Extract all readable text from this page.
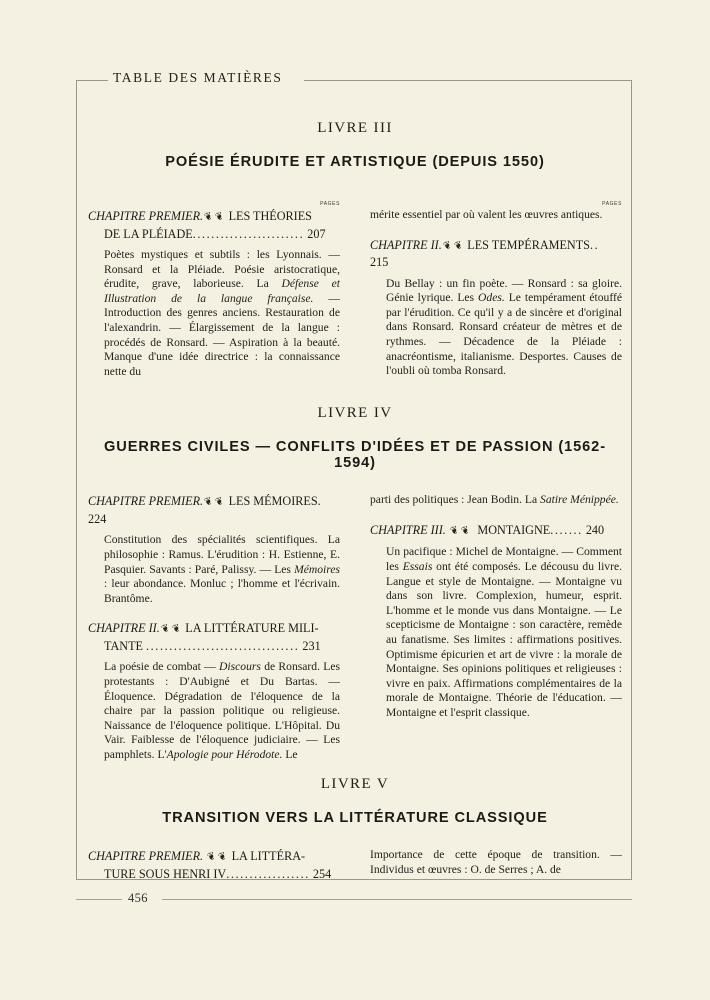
TABLE DES MATIÈRES
LIVRE III
POÉSIE ÉRUDITE ET ARTISTIQUE (DEPUIS 1550)
PAGES
CHAPITRE PREMIER.❦❦ LES THÉORIES
DE LA PLÉIADE........................ 207
Poètes mystiques et subtils : les Lyonnais. — Ronsard et la Pléiade. Poésie aristocratique, érudite, grave, laborieuse. La Défense et Illustration de la langue française. — Introduction des genres anciens. Restauration de l'alexandrin. — Élargissement de la langue : procédés de Ronsard. — Aspiration à la beauté. Manque d'une idée directrice : la connaissance nette du
PAGES
mérite essentiel par où valent les œuvres antiques.
CHAPITRE II.❦❦ LES TEMPÉRAMENTS..  215
Du Bellay : un fin poète. — Ronsard : sa gloire. Génie lyrique. Les Odes. Le tempérament étouffé par l'érudition. Ce qu'il y a de sincère et d'original dans Ronsard. Ronsard créateur de mètres et de rythmes. — Décadence de la Pléiade : anacréontisme, italianisme. Desportes. Causes de l'oubli où tomba Ronsard.
LIVRE IV
GUERRES CIVILES — CONFLITS D'IDÉES ET DE PASSION (1562-1594)
CHAPITRE PREMIER.❦❦ LES MÉMOIRES.  224
Constitution des spécialités scientifiques. La philosophie : Ramus. L'érudition : H. Estienne, E. Pasquier. Savants : Paré, Palissy. — Les Mémoires : leur abondance. Monluc ; l'homme et l'écrivain. Brantôme.
CHAPITRE II.❦❦ LA LITTÉRATURE MILI-
TANTE ................................. 231
La poésie de combat — Discours de Ronsard. Les protestants : D'Aubigné et Du Bartas. — Éloquence. Dégradation de l'éloquence de la chaire par la passion politique ou religieuse. Naissance de l'éloquence politique. L'Hôpital. Du Vair. Faiblesse de l'éloquence judiciaire. — Les pamphlets. L'Apologie pour Hérodote. Le
parti des politiques : Jean Bodin. La Satire Ménippée.
CHAPITRE III. ❦❦ MONTAIGNE....... 240
Un pacifique : Michel de Montaigne. — Comment les Essais ont été composés. Le décousu du livre. Langue et style de Montaigne. — Montaigne vu dans son livre. Complexion, humeur, esprit. L'homme et le monde vus dans Montaigne. — Le scepticisme de Montaigne : son caractère, remède au fanatisme. Ses limites : affirmations positives. Optimisme épicurien et art de vivre : la morale de Montaigne. Ses opinions politiques et religieuses : vivre en paix. Affirmations complémentaires de la morale de Montaigne. Théorie de l'éducation. — Montaigne et l'esprit classique.
LIVRE V
TRANSITION VERS LA LITTÉRATURE CLASSIQUE
CHAPITRE PREMIER. ❦❦ LA LITTÉRA-
TURE SOUS HENRI IV.................. 254
Importance de cette époque de transition. — Individus et œuvres : O. de Serres ; A. de
456
